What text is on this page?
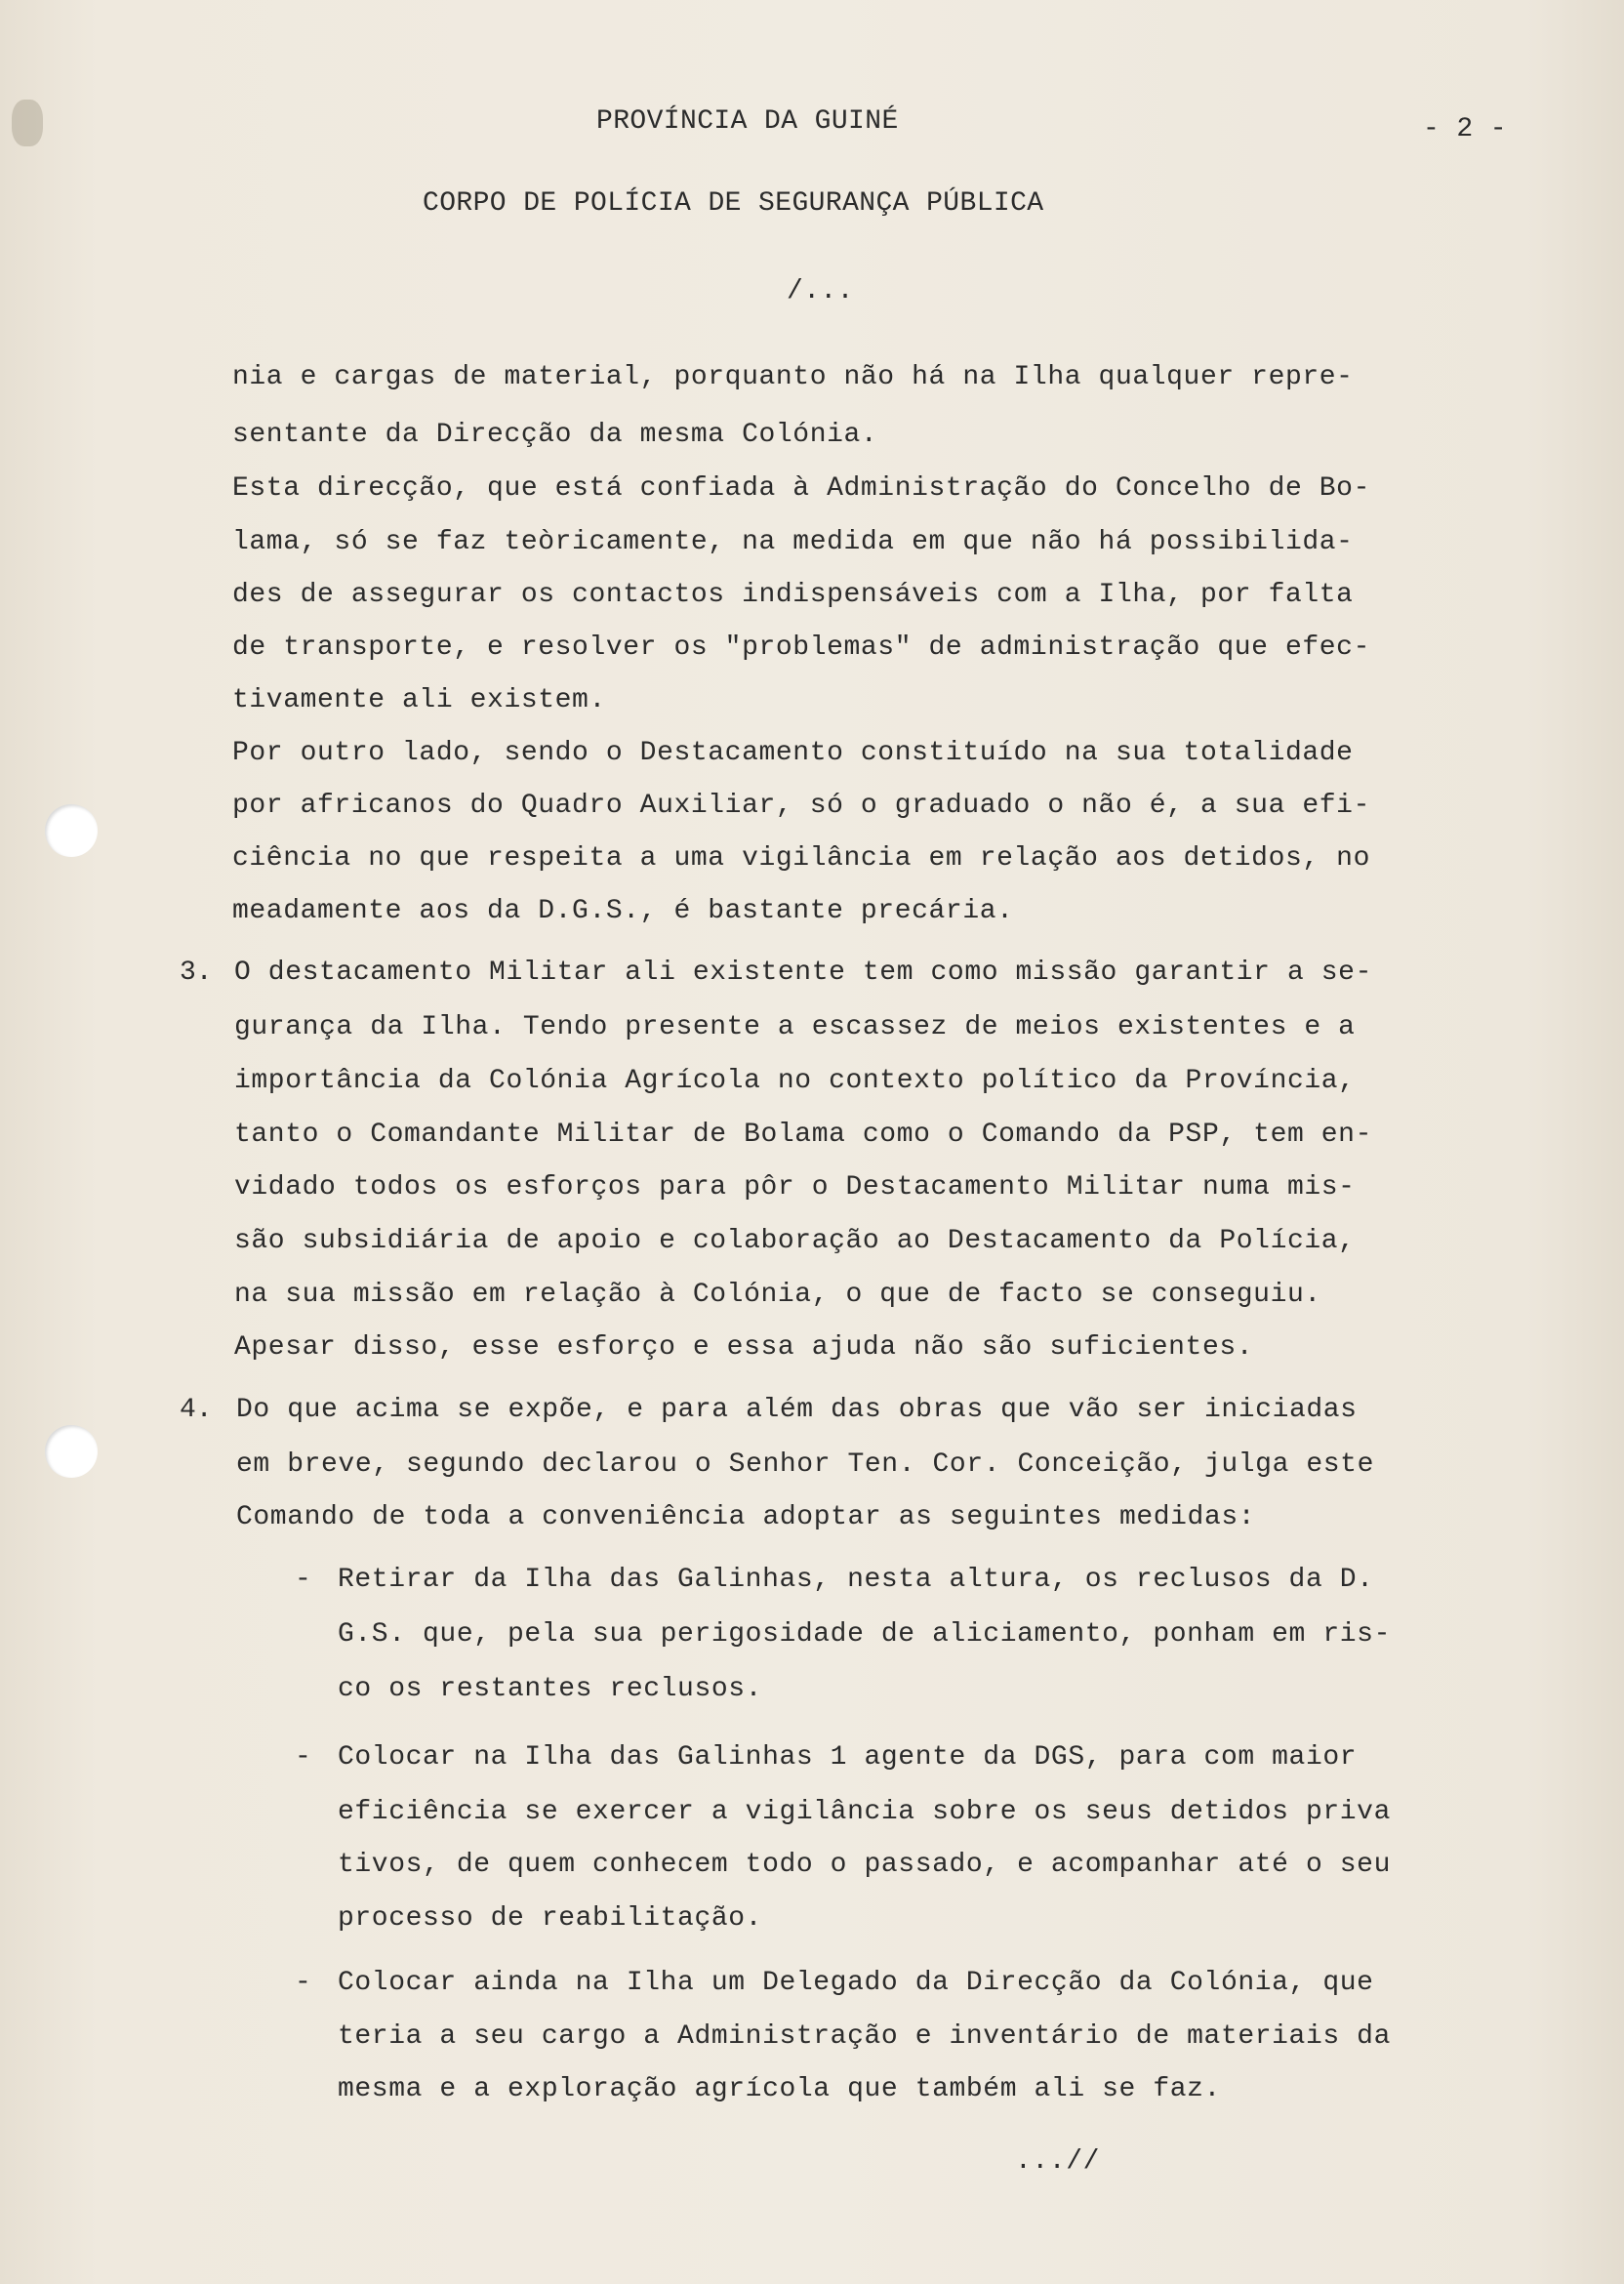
PROVÍNCIA DA GUINÉ	- 2 -
CORPO DE POLÍCIA DE SEGURANÇA PÚBLICA
/...
nia e cargas de material, porquanto não há na Ilha qualquer repre-
sentante da Direcção da mesma Colónia.
Esta direcção, que está confiada à Administração do Concelho de Bo-
lama, só se faz teòricamente, na medida em que não há possibilida-
des de assegurar os contactos indispensáveis com a Ilha, por falta
de transporte, e resolver os "problemas" de administração que efec-
tivamente ali existem.
Por outro lado, sendo o Destacamento constituído na sua totalidade
por africanos do Quadro Auxiliar, só o graduado o não é, a sua efi-
ciência no que respeita a uma vigilância em relação aos detidos, no
meadamente aos da D.G.S., é bastante precária.
3. O destacamento Militar ali existente tem como missão garantir a se-
gurança da Ilha. Tendo presente a escassez de meios existentes e a
importância da Colónia Agrícola no contexto político da Província,
tanto o Comandante Militar de Bolama como o Comando da PSP, tem en-
vidado todos os esforços para pôr o Destacamento Militar numa mis-
são subsidiária de apoio e colaboração ao Destacamento da Polícia,
na sua missão em relação à Colónia, o que de facto se conseguiu.
Apesar disso, esse esforço e essa ajuda não são suficientes.
4. Do que acima se expõe, e para além das obras que vão ser iniciadas
em breve, segundo declarou o Senhor Ten. Cor. Conceição, julga este
Comando de toda a conveniência adoptar as seguintes medidas:
- Retirar da Ilha das Galinhas, nesta altura, os reclusos da D.
G.S. que, pela sua perigosidade de aliciamento, ponham em ris-
co os restantes reclusos.
- Colocar na Ilha das Galinhas 1 agente da DGS, para com maior
eficiência se exercer a vigilância sobre os seus detidos priva
tivos, de quem conhecem todo o passado, e acompanhar até o seu
processo de reabilitação.
- Colocar ainda na Ilha um Delegado da Direcção da Colónia, que
teria a seu cargo a Administração e inventário de materiais da
mesma e a exploração agrícola que também ali se faz.
...//
